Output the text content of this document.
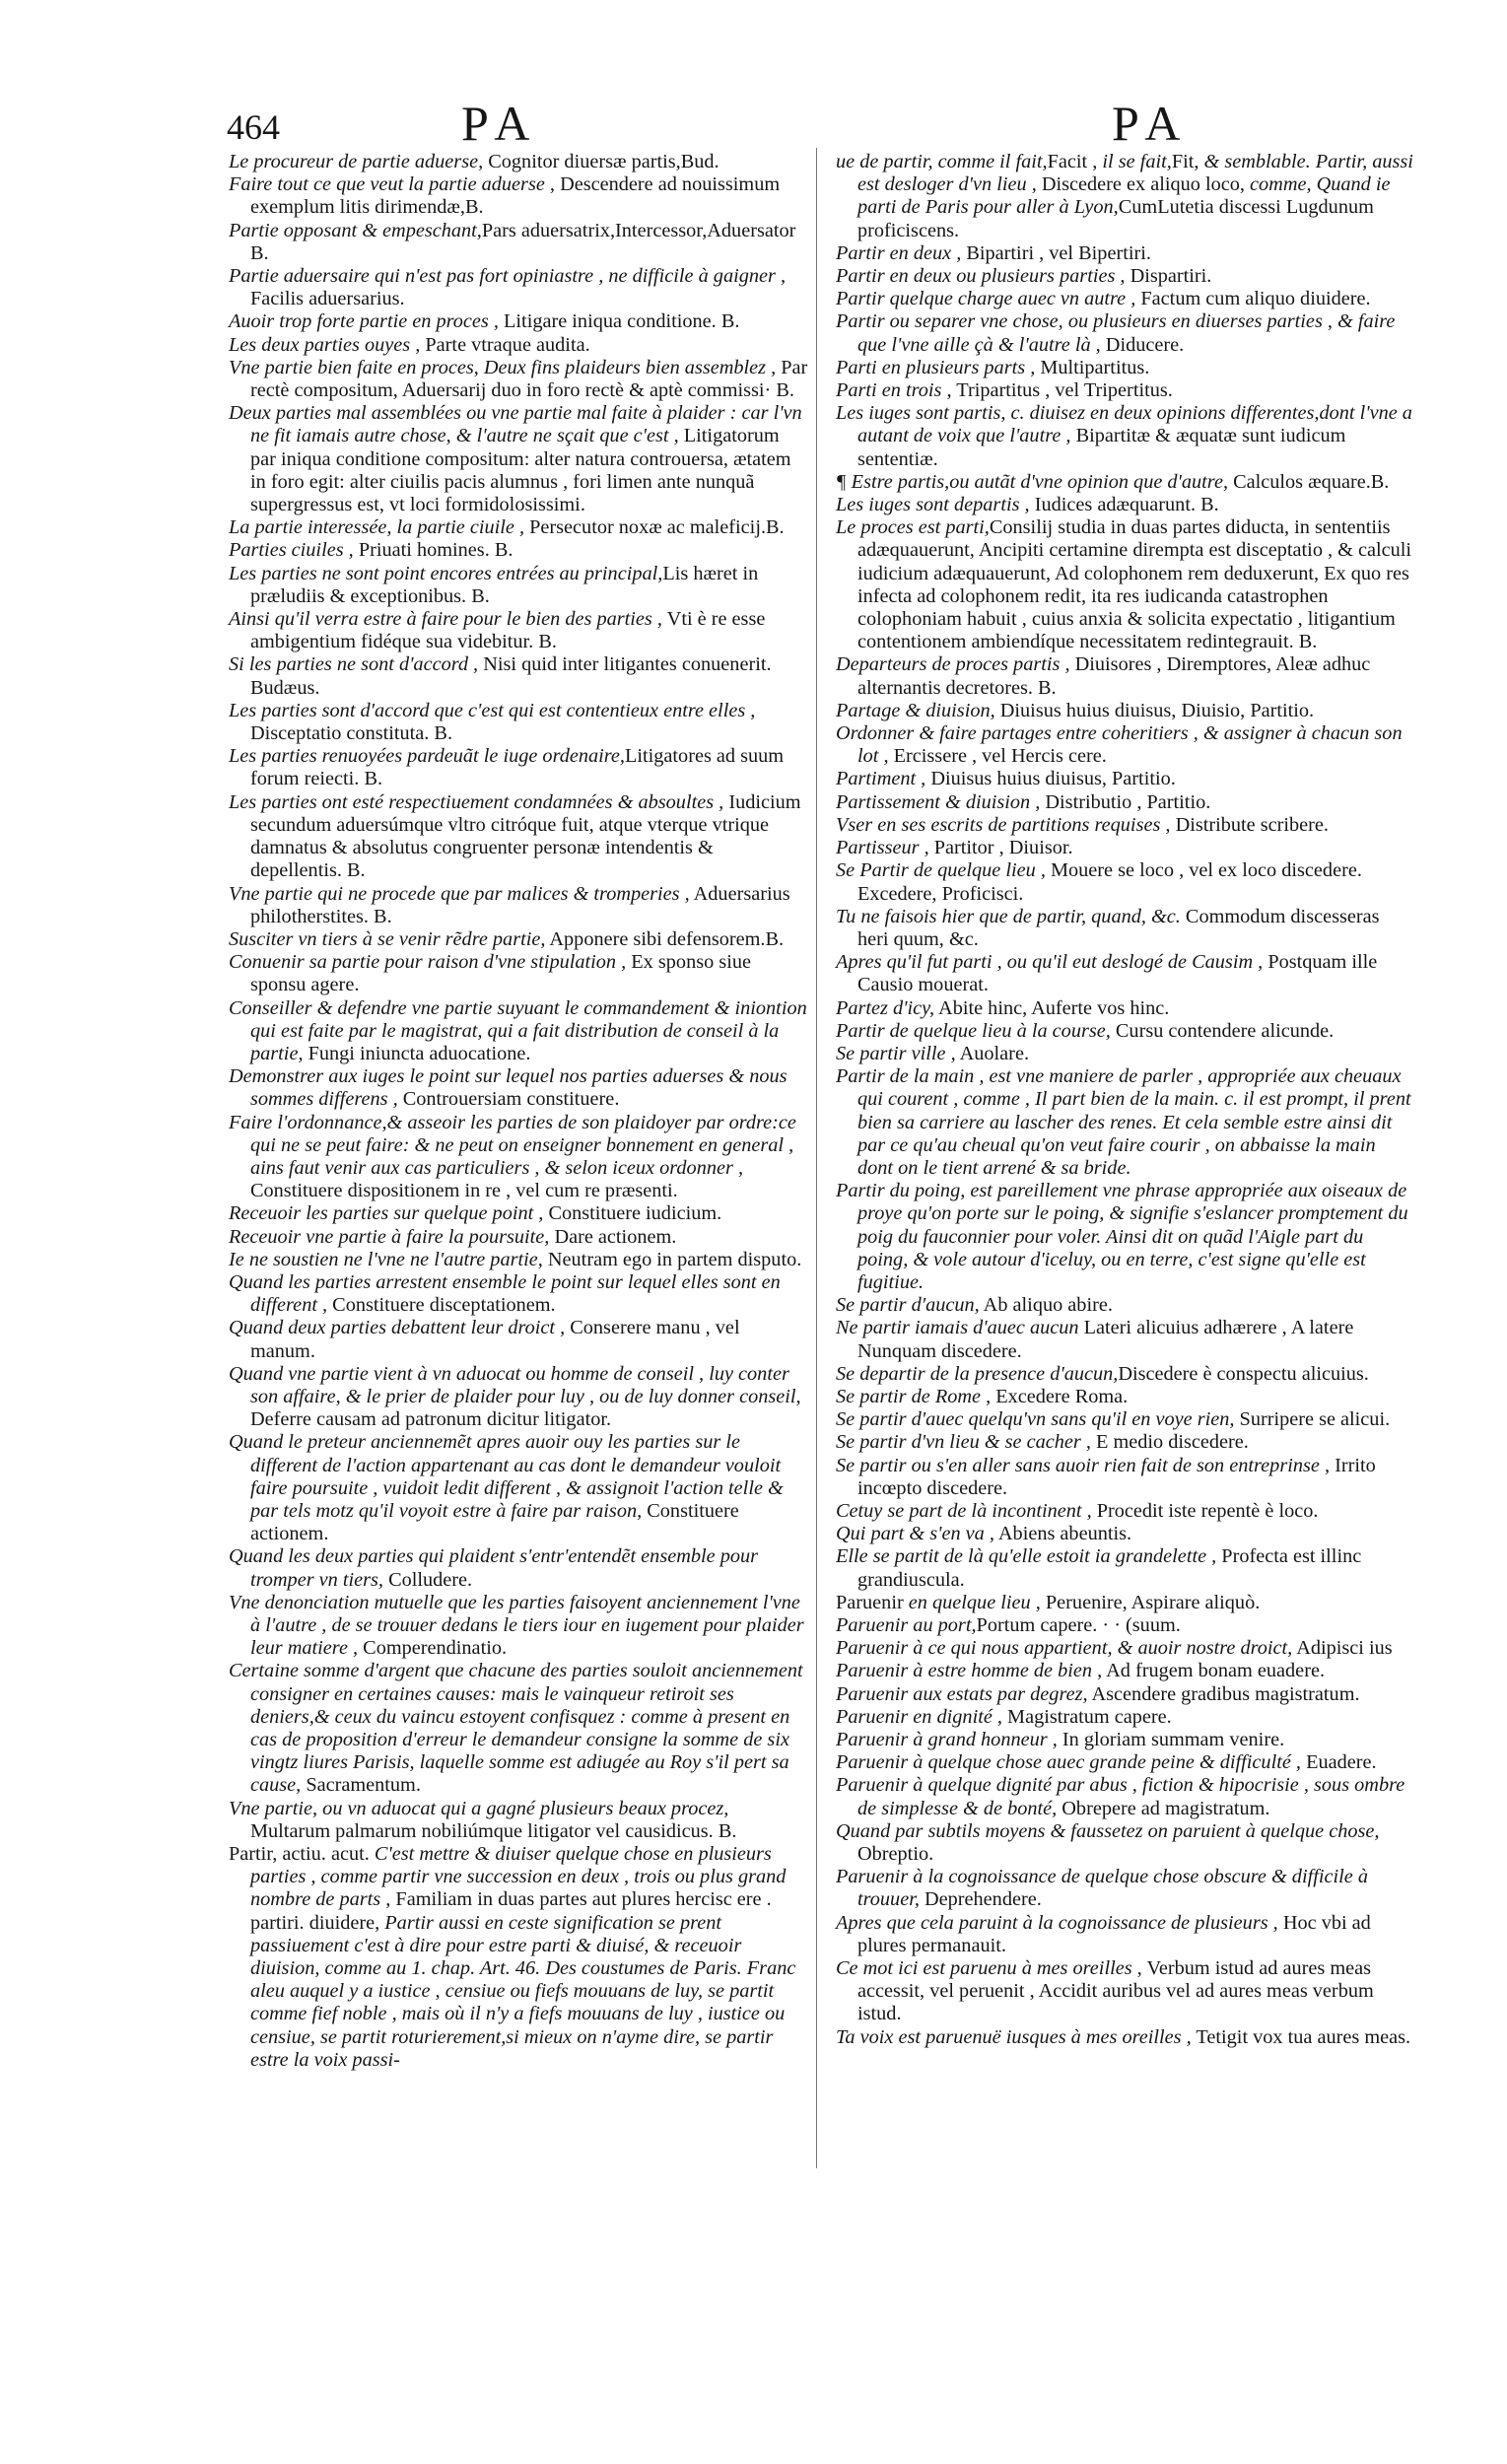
464	PA	PA

Le procureur de partie aduerse, Cognitor diuersæ partis,Bud.

Faire tout ce que veut la partie aduerse , Descendere ad nouissimum exemplum litis dirimendæ,B.

Partie opposant & empeschant,Pars aduersatrix,Intercessor,Aduersator B.

Partie aduersaire qui n'est pas fort opiniastre , ne difficile à gaigner , Facilis aduersarius.

Auoir trop forte partie en proces , Litigare iniqua conditione. B.

Les deux parties ouyes , Parte vtraque audita.

Vne partie bien faite en proces, Deux fins plaideurs bien assemblez , Par rectè compositum, Aduersarij duo in foro rectè & aptè commissi· B.

Deux parties mal assemblées ou vne partie mal faite à plaider : car l'vn ne fit iamais autre chose, & l'autre ne sçait que c'est , Litigatorum par iniqua conditione compositum: alter natura controuersa, ætatem in foro egit: alter ciuilis pacis alumnus , fori limen ante nunquã supergressus est, vt loci formidolosissimi.

La partie interessée, la partie ciuile , Persecutor noxæ ac maleficij.B.

Parties ciuiles , Priuati homines. B.

Les parties ne sont point encores entrées au principal,Lis hæret in præludiis & exceptionibus. B.

Ainsi qu'il verra estre à faire pour le bien des parties , Vti è re esse ambigentium fidéque sua videbitur. B.

Si les parties ne sont d'accord , Nisi quid inter litigantes conuenerit. Budæus.

Les parties sont d'accord que c'est qui est contentieux entre elles , Disceptatio constituta. B.

Les parties renuoyées pardeuãt le iuge ordenaire,Litigatores ad suum forum reiecti. B.

Les parties ont esté respectiuement condamnées & absoultes , Iudicium secundum aduersúmque vltro citróque fuit, atque vterque vtrique damnatus & absolutus congruenter personæ intendentis & depellentis. B.

Vne partie qui ne procede que par malices & tromperies , Aduersarius philotherstites. B.

Susciter vn tiers à se venir rẽdre partie, Apponere sibi defensorem.B.

Conuenir sa partie pour raison d'vne stipulation , Ex sponso siue sponsu agere.

Conseiller & defendre vne partie suyuant le commandement & iniontion qui est faite par le magistrat, qui a fait distribution de conseil à la partie, Fungi iniuncta aduocatione.

Demonstrer aux iuges le point sur lequel nos parties aduerses & nous sommes differens , Controuersiam constituere.

Faire l'ordonnance,& asseoir les parties de son plaidoyer par ordre:ce qui ne se peut faire: & ne peut on enseigner bonnement en general , ains faut venir aux cas particuliers , & selon iceux ordonner , Constituere dispositionem in re , vel cum re præsenti.

Receuoir les parties sur quelque point , Constituere iudicium.

Receuoir vne partie à faire la poursuite, Dare actionem.

Ie ne soustien ne l'vne ne l'autre partie, Neutram ego in partem disputo.

Quand les parties arrestent ensemble le point sur lequel elles sont en different , Constituere disceptationem.

Quand deux parties debattent leur droict , Conserere manu , vel manum.

Quand vne partie vient à vn aduocat ou homme de conseil , luy conter son affaire, & le prier de plaider pour luy , ou de luy donner conseil, Deferre causam ad patronum dicitur litigator.

Quand le preteur anciennemẽt apres auoir ouy les parties sur le different de l'action appartenant au cas dont le demandeur vouloit faire poursuite , vuidoit ledit different , & assignoit l'action telle & par tels motz qu'il voyoit estre à faire par raison, Constituere actionem.

Quand les deux parties qui plaident s'entr'entendẽt ensemble pour tromper vn tiers, Colludere.

Vne denonciation mutuelle que les parties faisoyent anciennement l'vne à l'autre , de se trouuer dedans le tiers iour en iugement pour plaider leur matiere , Comperendinatio.

Certaine somme d'argent que chacune des parties souloit anciennement consigner en certaines causes: mais le vainqueur retiroit ses deniers,& ceux du vaincu estoyent confisquez : comme à present en cas de proposition d'erreur le demandeur consigne la somme de six vingtz liures Parisis, laquelle somme est adiugée au Roy s'il pert sa cause, Sacramentum.

Vne partie, ou vn aduocat qui a gagné plusieurs beaux procez, Multarum palmarum nobiliúmque litigator vel causidicus. B.

Partir, actiu. acut. C'est mettre & diuiser quelque chose en plusieurs parties , comme partir vne succession en deux , trois ou plus grand nombre de parts , Familiam in duas partes aut plures hercisc ere . partiri. diuidere, Partir aussi en ceste signification se prent passiuement c'est à dire pour estre parti & diuisé, & receuoir diuision, comme au 1. chap. Art. 46. Des coustumes de Paris. Franc aleu auquel y a iustice , censiue ou fiefs mouuans de luy, se partit comme fief noble , mais où il n'y a fiefs mouuans de luy , iustice ou censiue, se partit roturierement,si mieux on n'ayme dire, se partir estre la voix passi-

ue de partir, comme il fait,Facit , il se fait,Fit, & semblable. Partir, aussi est desloger d'vn lieu , Discedere ex aliquo loco, comme, Quand ie parti de Paris pour aller à Lyon,CumLutetia discessi Lugdunum proficiscens.

Partir en deux , Bipartiri , vel Bipertiri.

Partir en deux ou plusieurs parties , Dispartiri.

Partir quelque charge auec vn autre , Factum cum aliquo diuidere.

Partir ou separer vne chose, ou plusieurs en diuerses parties , & faire que l'vne aille çà & l'autre là , Diducere.

Parti en plusieurs parts , Multipartitus.

Parti en trois , Tripartitus , vel Tripertitus.

Les iuges sont partis, c. diuisez en deux opinions differentes,dont l'vne a autant de voix que l'autre , Bipartitæ & æquatæ sunt iudicum sententiæ.

¶ Estre partis,ou autãt d'vne opinion que d'autre, Calculos æquare.B.

Les iuges sont departis , Iudices adæquarunt. B.

Le proces est parti,Consilij studia in duas partes diducta, in sententiis adæquauerunt, Ancipiti certamine dirempta est disceptatio , & calculi iudicium adæquauerunt, Ad colophonem rem deduxerunt, Ex quo res infecta ad colophonem redit, ita res iudicanda catastrophen colophoniam habuit , cuius anxia & solicita expectatio , litigantium contentionem ambiendíque necessitatem redintegrauit. B.

Departeurs de proces partis , Diuisores , Diremptores, Aleæ adhuc alternantis decretores. B.

Partage & diuision, Diuisus huius diuisus, Diuisio, Partitio.

Ordonner & faire partages entre coheritiers , & assigner à chacun son lot , Ercissere , vel Hercis cere.

Partiment , Diuisus huius diuisus, Partitio.

Partissement & diuision , Distributio , Partitio.

Vser en ses escrits de partitions requises , Distribute scribere.

Partisseur , Partitor , Diuisor.

Se Partir de quelque lieu , Mouere se loco , vel ex loco discedere. Excedere, Proficisci.

Tu ne faisois hier que de partir, quand, &c. Commodum discesseras heri quum, &c.

Apres qu'il fut parti , ou qu'il eut deslogé de Causim , Postquam ille Causio mouerat.

Partez d'icy, Abite hinc, Auferte vos hinc.

Partir de quelque lieu à la course, Cursu contendere alicunde.

Se partir ville , Auolare.

Partir de la main , est vne maniere de parler , appropriée aux cheuaux qui courent , comme , Il part bien de la main. c. il est prompt, il prent bien sa carriere au lascher des renes. Et cela semble estre ainsi dit par ce qu'au cheual qu'on veut faire courir , on abbaisse la main dont on le tient arrené & sa bride.

Partir du poing, est pareillement vne phrase appropriée aux oiseaux de proye qu'on porte sur le poing, & signifie s'eslancer promptement du poig du fauconnier pour voler. Ainsi dit on quãd l'Aigle part du poing, & vole autour d'iceluy, ou en terre, c'est signe qu'elle est fugitiue.

Se partir d'aucun, Ab aliquo abire.

Ne partir iamais d'auec aucun Lateri alicuius adhærere , A latere Nunquam discedere.

Se departir de la presence d'aucun,Discedere è conspectu alicuius.

Se partir de Rome , Excedere Roma.

Se partir d'auec quelqu'vn sans qu'il en voye rien, Surripere se alicui.

Se partir d'vn lieu & se cacher , E medio discedere.

Se partir ou s'en aller sans auoir rien fait de son entreprinse , Irrito incœpto discedere.

Cetuy se part de là incontinent , Procedit iste repentè è loco.

Qui part & s'en va , Abiens abeuntis.

Elle se partit de là qu'elle estoit ia grandelette , Profecta est illinc grandiuscula.

Paruenir en quelque lieu , Peruenire, Aspirare aliquò.

Paruenir au port,Portum capere. · · (suum.

Paruenir à ce qui nous appartient, & auoir nostre droict, Adipisci ius

Paruenir à estre homme de bien , Ad frugem bonam euadere.

Paruenir aux estats par degrez, Ascendere gradibus magistratum.

Paruenir en dignité , Magistratum capere.

Paruenir à grand honneur , In gloriam summam venire.

Paruenir à quelque chose auec grande peine & difficulté , Euadere.

Paruenir à quelque dignité par abus , fiction & hipocrisie , sous ombre de simplesse & de bonté, Obrepere ad magistratum.

Quand par subtils moyens & faussetez on paruient à quelque chose, Obreptio.

Paruenir à la cognoissance de quelque chose obscure & difficile à trouuer, Deprehendere.

Apres que cela paruint à la cognoissance de plusieurs , Hoc vbi ad plures permanauit.

Ce mot ici est paruenu à mes oreilles , Verbum istud ad aures meas accessit, vel peruenit , Accidit auribus vel ad aures meas verbum istud.

Ta voix est paruenuë iusques à mes oreilles , Tetigit vox tua aures meas.
